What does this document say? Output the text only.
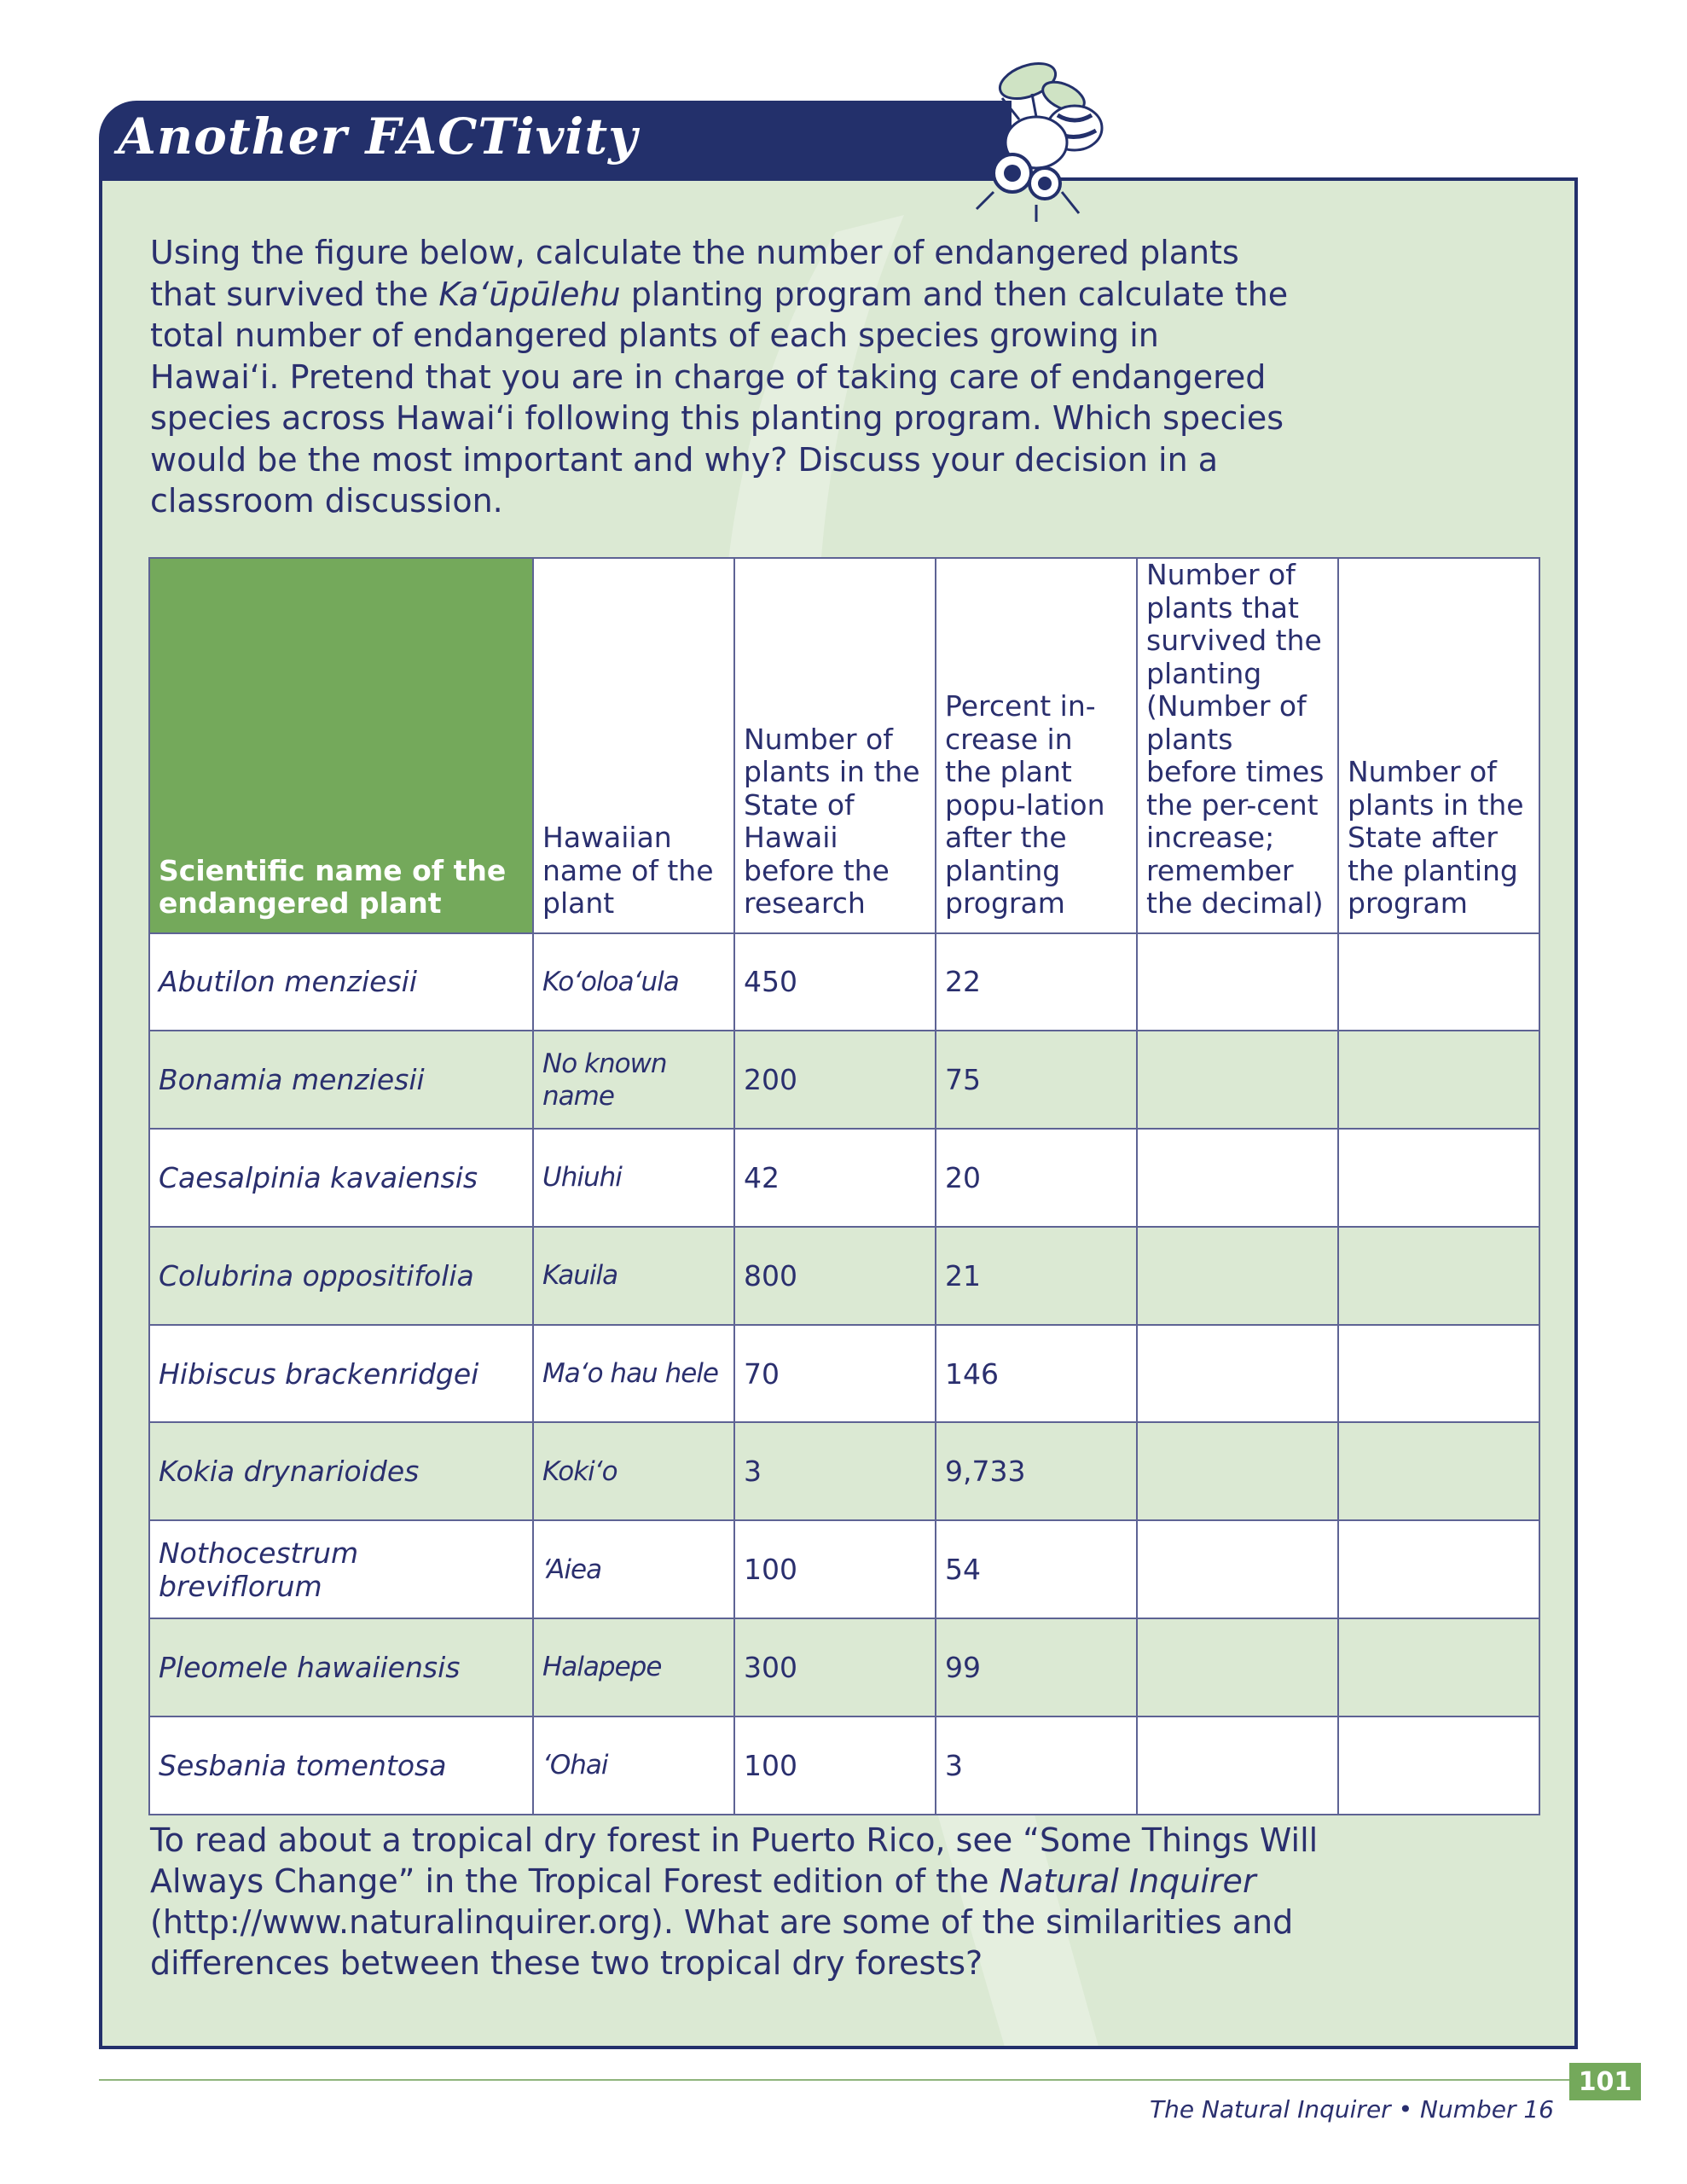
Another FACTivity
Using the figure below, calculate the number of endangered plants that survived the Ka‘ūpūlehu planting program and then calculate the total number of endangered plants of each species growing in Hawai‘i. Pretend that you are in charge of taking care of endangered species across Hawai‘i following this planting program. Which species would be the most important and why? Discuss your decision in a classroom discussion.
Scientific name of the endangered plant	Hawaiian name of the plant	Number of plants in the State of Hawaii before the research	Percent in-crease in the plant popu-lation after the planting program	Number of plants that survived the planting (Number of plants before times the per-cent increase; remember the decimal)	Number of plants in the State after the planting program
Abutilon menziesii	Ko‘oloa‘ula	450	22		
Bonamia menziesii	No known name	200	75		
Caesalpinia kavaiensis	Uhiuhi	42	20		
Colubrina oppositifolia	Kauila	800	21		
Hibiscus brackenridgei	Ma‘o hau hele	70	146		
Kokia drynarioides	Koki‘o	3	9,733		
Nothocestrum breviflorum	‘Aiea	100	54		
Pleomele hawaiiensis	Halapepe	300	99		
Sesbania tomentosa	‘Ohai	100	3		
To read about a tropical dry forest in Puerto Rico, see “Some Things Will Always Change” in the Tropical Forest edition of the Natural Inquirer (http://www.naturalinquirer.org). What are some of the similarities and differences between these two tropical dry forests?
101
The Natural Inquirer • Number 16
